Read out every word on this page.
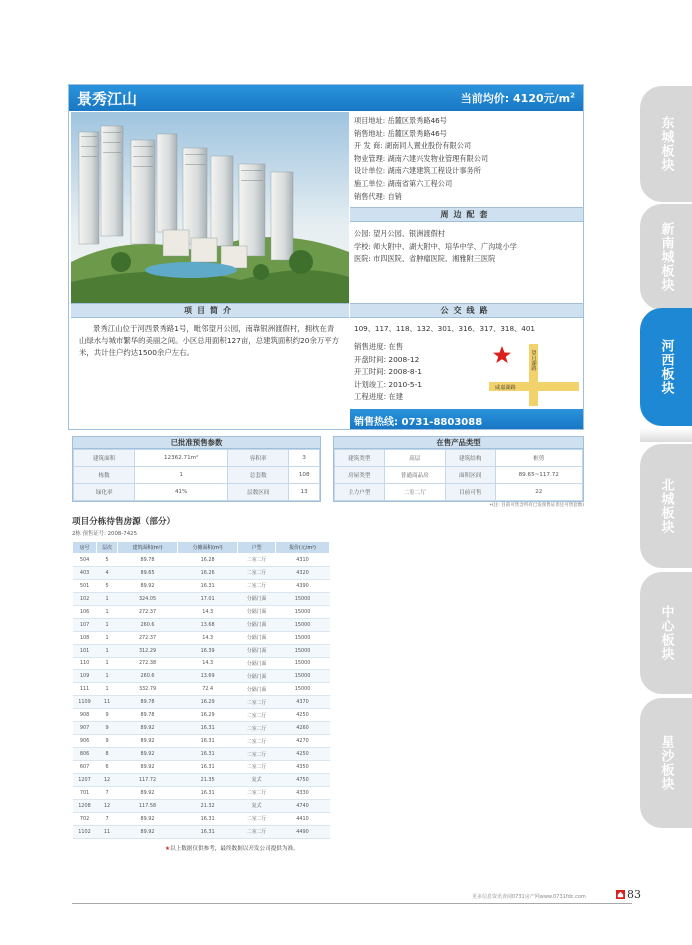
东城板块
新南城板块
河西板块
北城板块
中心板块
星沙板块
景秀江山	当前均价: 4120元$/m^2$
项目地址: 岳麓区景秀路46号
销售地址: 岳麓区景秀路46号
开 发 商: 湖南同人置业股份有限公司
物业管理: 湖南六建兴发物业管理有限公司
设计单位: 湖南六建建筑工程设计事务所
施工单位: 湖南省第六工程公司
销售代理: 自销
周边配套
公园: 望月公园、银洲渡假村
学校: 师大附中、湖大附中、培华中学、广沟垅小学
医院: 市四医院、省肿瘤医院、湘雅附三医院
项目简介
景秀江山位于河西景秀路1号，毗邻望月公园，南靠银洲渡假村，拥枕在青山绿水与城市繁华的美丽之间。小区总用面积127亩，总建筑面积约20余万平方米，共计住户约达1500余户左右。
公交线路
109、117、118、132、301、316、317、318、401
销售进度: 在售
开盘时间: 2008-12
开工时间: 2008-8-1
计划竣工: 2010-5-1
工程进度: 在建
望月湖路
咸嘉湖路
销售热线: 0731-8803088
已批准预售参数
建筑面积	12362.71m²	容积率	3
栋数	1	总套数	108
绿化率	41%	层数区间	13
在售产品类型
建筑类型	高层	建筑结构	框剪
房屋类型	普通商品房	面积区间	89.65~117.72
主力户型	二室二厅	目前可售	22
•(注: 目前可售含所有已发预售证但还可售套数)
项目分栋待售房源（部分）
2栋 预售证号: 2008-7425
房号	层次	建筑面积(m²)	分摊面积(m²)	户型	报价(元/m²)
504	5	89.78	16.28	二室二厅	4310
403	4	89.65	16.26	二室二厅	4320
501	5	89.92	16.31	二室二厅	4390
102	1	324.05	17.01	分隔门面	15000
106	1	272.37	14.3	分隔门面	15000
107	1	260.6	13.68	分隔门面	15000
108	1	272.37	14.3	分隔门面	15000
101	1	312.29	16.39	分隔门面	15000
110	1	272.38	14.3	分隔门面	15000
109	1	260.6	13.69	分隔门面	15000
111	1	332.79	72.4	分隔门面	15000
1109	11	89.78	16.29	二室二厅	4370
908	9	89.78	16.29	二室二厅	4250
907	9	89.92	16.31	二室二厅	4260
906	9	89.92	16.31	二室二厅	4270
806	8	89.92	16.31	二室二厅	4250
607	6	89.92	16.31	二室二厅	4350
1207	12	117.72	21.35	复式	4750
701	7	89.92	16.31	二室二厅	4330
1208	12	117.58	21.32	复式	4740
702	7	89.92	16.31	二室二厅	4410
1102	11	89.92	16.31	二室二厅	4490
★以上数据仅供参考，最终数据以开发公司提供为准。
更多信息资讯查阅0731房产网www.0731fdc.com	83
